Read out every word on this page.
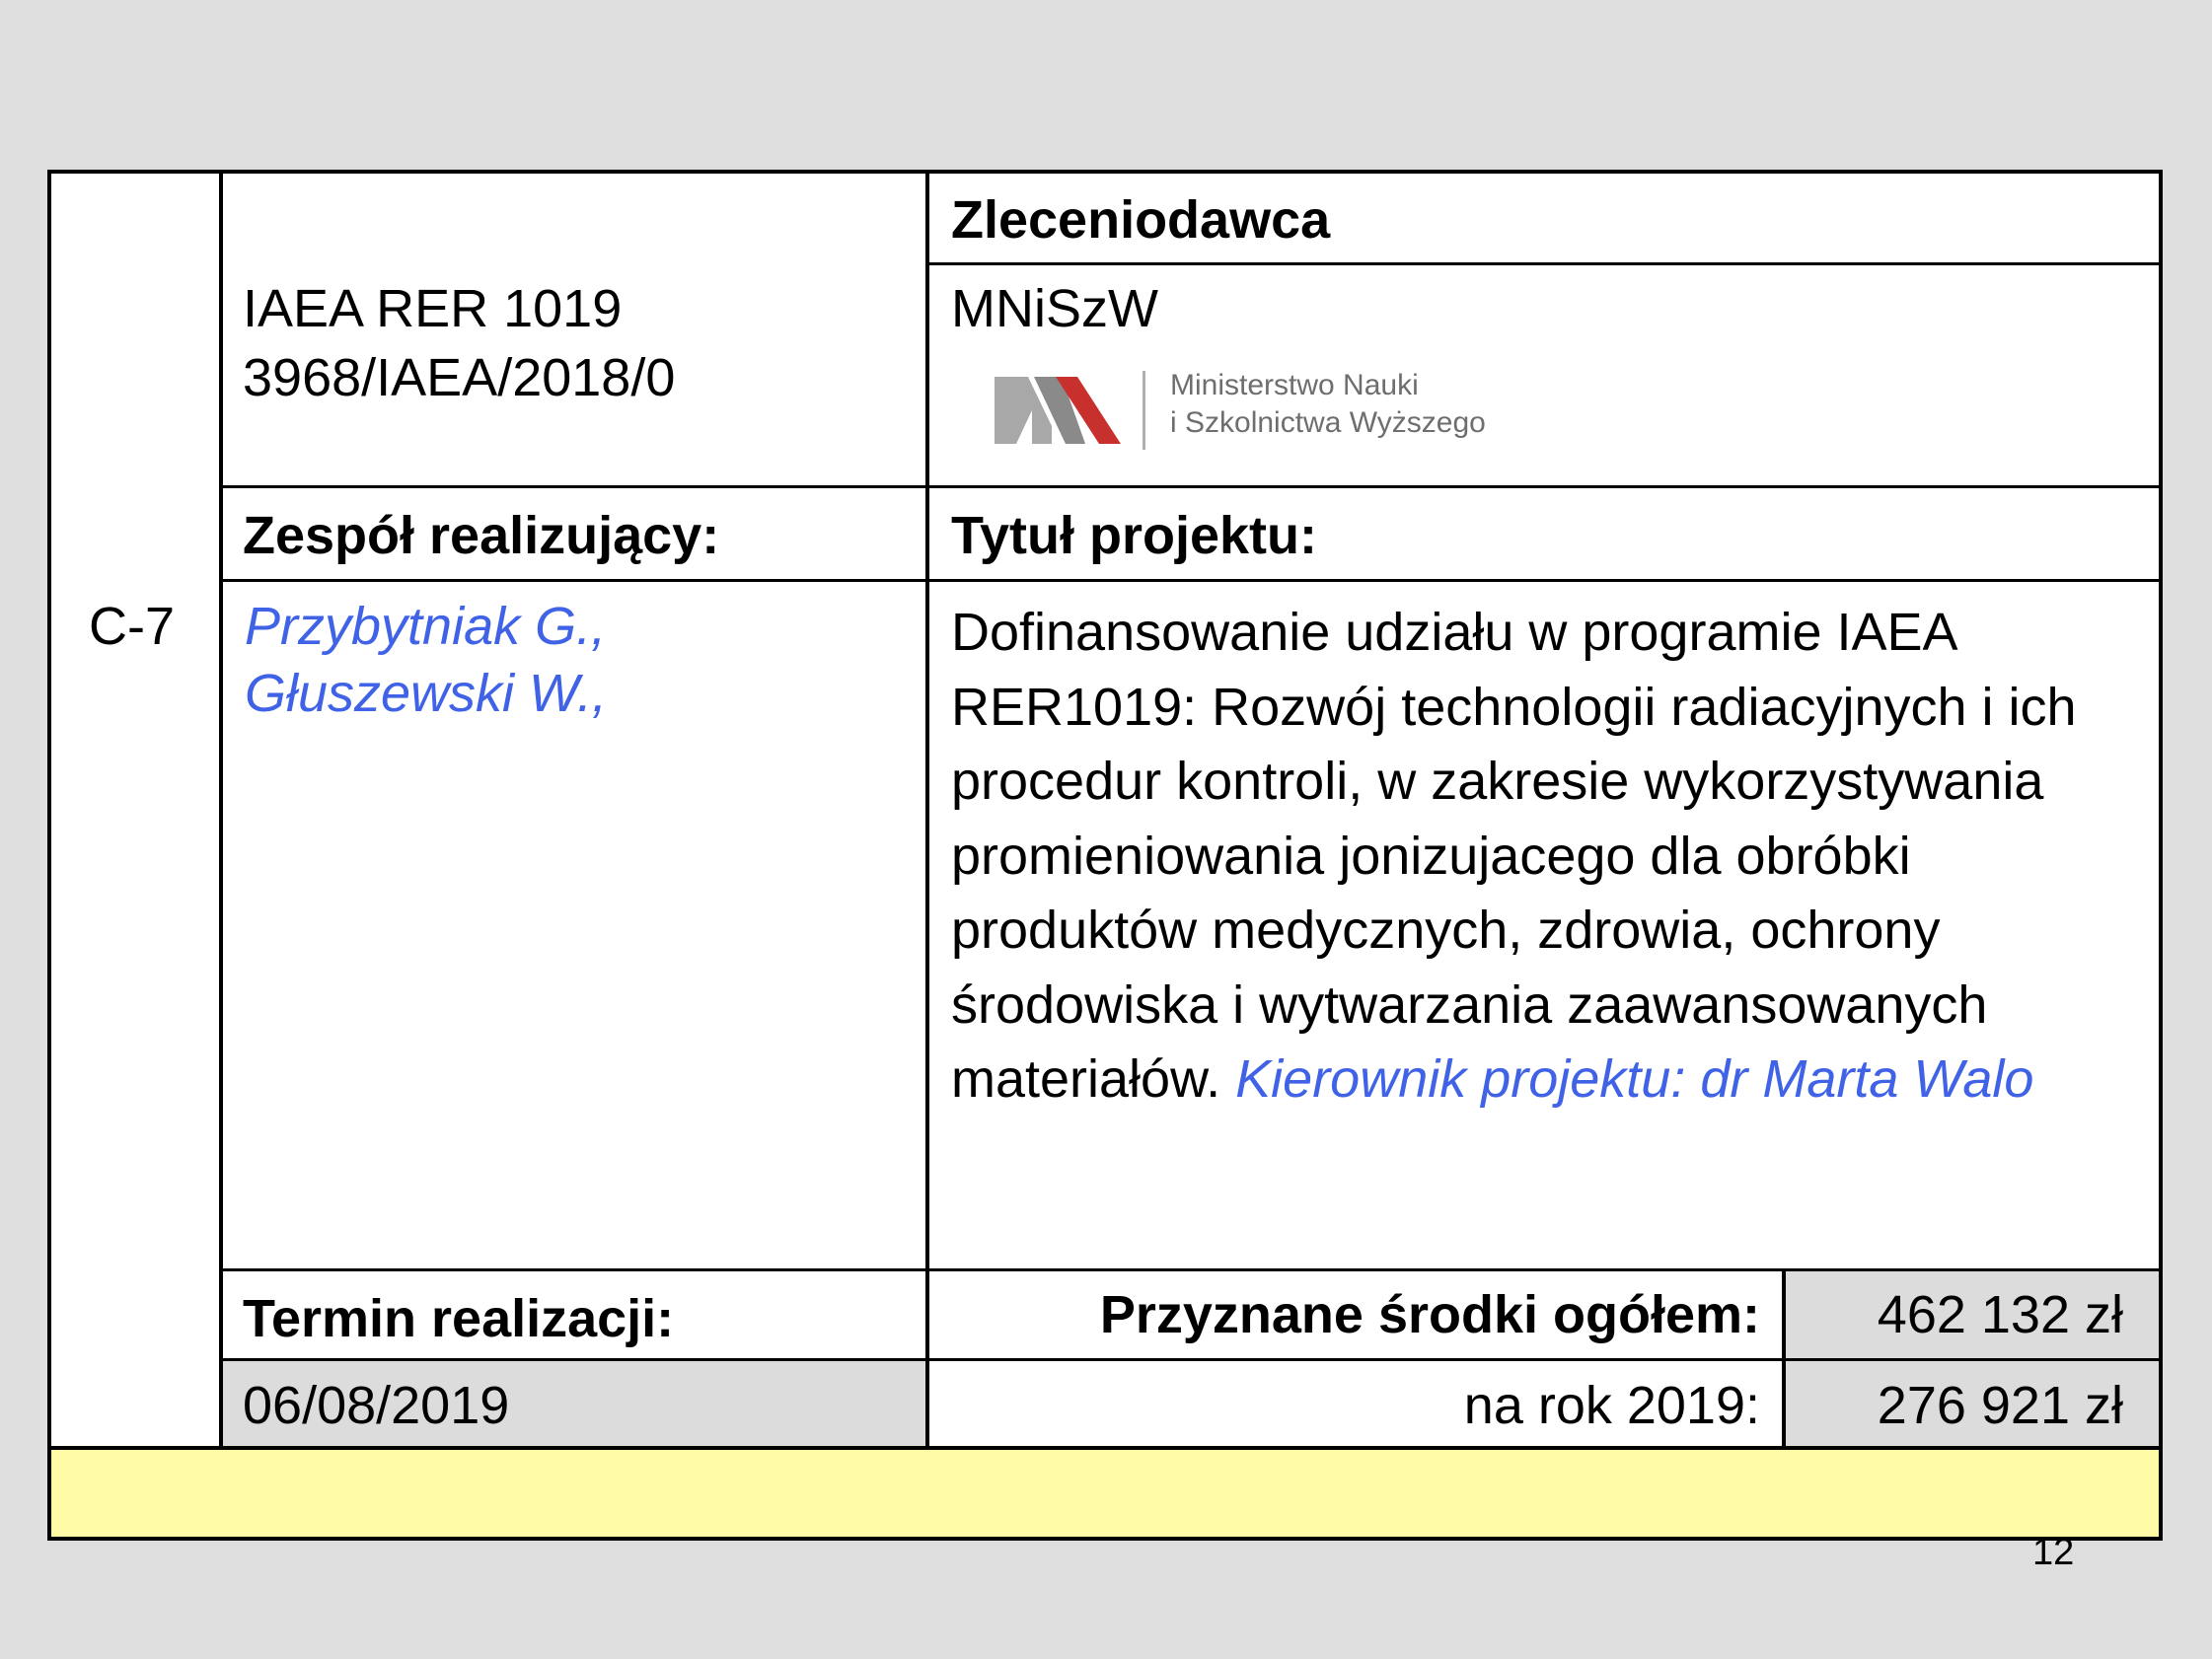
C-7
IAEA RER 1019
3968/IAEA/2018/0
Zleceniodawca
MNiSzW
Ministerstwo Nauki
i Szkolnictwa Wyższego
Zespół realizujący:
Przybytniak G.,
Głuszewski W.,
Tytuł projektu:
Dofinansowanie udziału w programie IAEA RER1019: Rozwój technologii radiacyjnych i ich procedur kontroli, w zakresie wykorzystywania promieniowania jonizujacego dla obróbki produktów medycznych, zdrowia, ochrony środowiska i wytwarzania zaawansowanych materiałów. Kierownik projektu: dr Marta Walo
Termin realizacji:
06/08/2019
Przyznane środki ogółem:	462 132 zł
na rok 2019:	276 921 zł
12
